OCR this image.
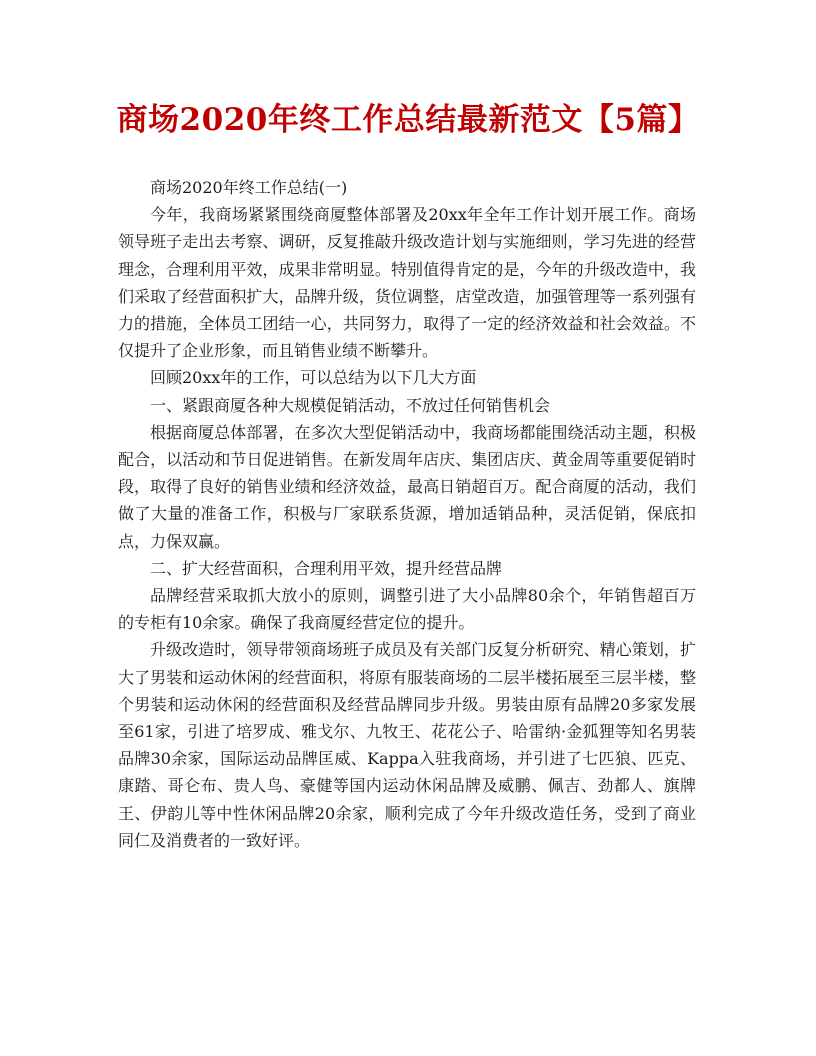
商场2020年终工作总结最新范文【5篇】

商场2020年终工作总结(一)

今年，我商场紧紧围绕商厦整体部署及20xx年全年工作计划开展工作。商场领导班子走出去考察、调研，反复推敲升级改造计划与实施细则，学习先进的经营理念，合理利用平效，成果非常明显。特别值得肯定的是，今年的升级改造中，我们采取了经营面积扩大，品牌升级，货位调整，店堂改造，加强管理等一系列强有力的措施，全体员工团结一心，共同努力，取得了一定的经济效益和社会效益。不仅提升了企业形象，而且销售业绩不断攀升。

回顾20xx年的工作，可以总结为以下几大方面

一、紧跟商厦各种大规模促销活动，不放过任何销售机会

根据商厦总体部署，在多次大型促销活动中，我商场都能围绕活动主题，积极配合，以活动和节日促进销售。在新发周年店庆、集团店庆、黄金周等重要促销时段，取得了良好的销售业绩和经济效益，最高日销超百万。配合商厦的活动，我们做了大量的准备工作，积极与厂家联系货源，增加适销品种，灵活促销，保底扣点，力保双赢。

二、扩大经营面积，合理利用平效，提升经营品牌

品牌经营采取抓大放小的原则，调整引进了大小品牌80余个，年销售超百万的专柜有10余家。确保了我商厦经营定位的提升。

升级改造时，领导带领商场班子成员及有关部门反复分析研究、精心策划，扩大了男装和运动休闲的经营面积，将原有服装商场的二层半楼拓展至三层半楼，整个男装和运动休闲的经营面积及经营品牌同步升级。男装由原有品牌20多家发展至61家，引进了培罗成、雅戈尔、九牧王、花花公子、哈雷纳·金狐狸等知名男装品牌30余家，国际运动品牌匡威、Kappa入驻我商场，并引进了七匹狼、匹克、康踏、哥仑布、贵人鸟、豪健等国内运动休闲品牌及威鹏、佩吉、劲都人、旗牌王、伊韵儿等中性休闲品牌20余家，顺利完成了今年升级改造任务，受到了商业同仁及消费者的一致好评。
